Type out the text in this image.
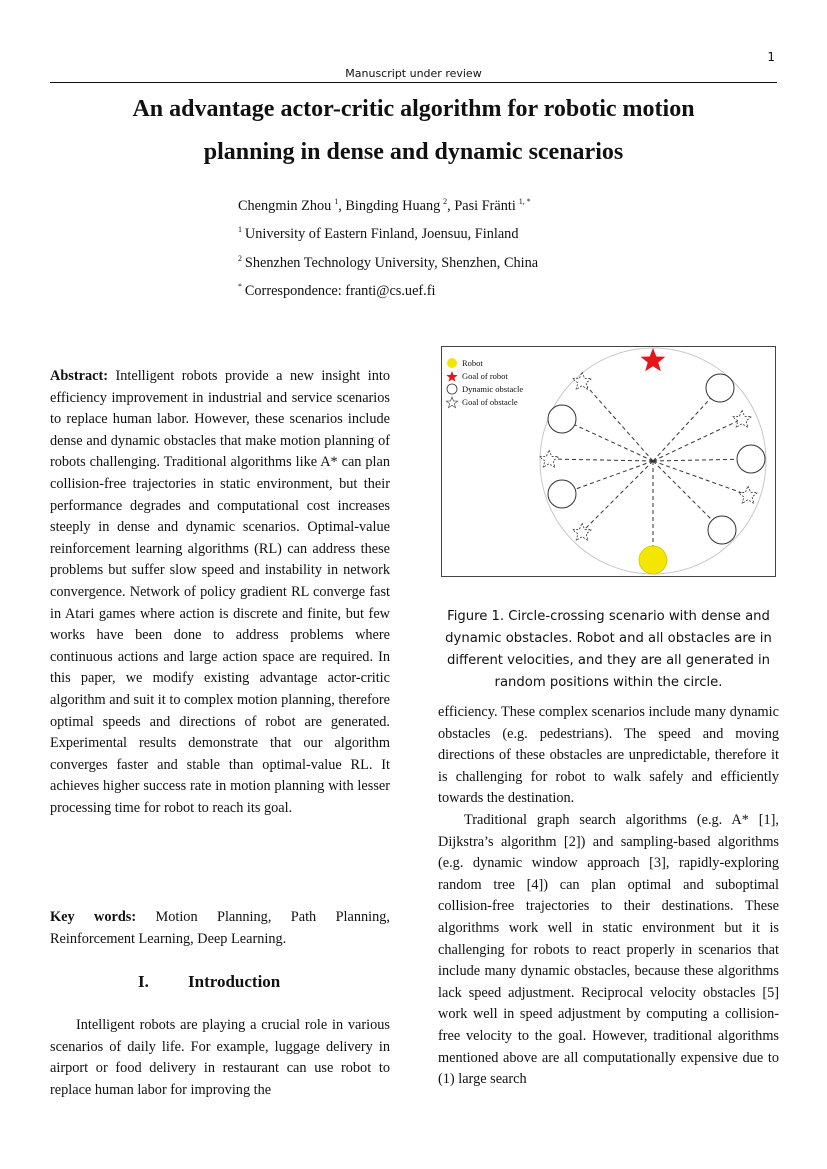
1
Manuscript under review
An advantage actor-critic algorithm for robotic motion
planning in dense and dynamic scenarios
Chengmin Zhou  $^1$, Bingding Huang  $^2$, Pasi Fränti  $^{1, *}$
$^1$  University of Eastern Finland, Joensuu, Finland
$^2$  Shenzhen Technology University, Shenzhen, China
*  Correspondence: franti@cs.uef.fi

Abstract: Intelligent robots provide a new insight into efficiency improvement in industrial and service scenarios to replace human labor. However, these scenarios include dense and dynamic obstacles that make motion planning of robots challenging. Traditional algorithms like A* can plan collision-free trajectories in static environment, but their performance degrades and computational cost increases steeply in dense and dynamic scenarios. Optimal-value reinforcement learning algorithms (RL) can address these problems but suffer slow speed and instability in network convergence. Network of policy gradient RL converge fast in Atari games where action is discrete and finite, but few works have been done to address problems where continuous actions and large action space are required. In this paper, we modify existing advantage actor-critic algorithm and suit it to complex motion planning, therefore optimal speeds and directions of robot are generated. Experimental results demonstrate that our algorithm converges faster and stable than optimal-value RL. It achieves higher success rate in motion planning with lesser processing time for robot to reach its goal.

Key words: Motion Planning, Path Planning, Reinforcement Learning, Deep Learning.

I. Introduction

Intelligent robots are playing a crucial role in various scenarios of daily life. For example, luggage delivery in airport or food delivery in restaurant can use robot to replace human labor for improving the

Robot
Goal of robot
Dynamic obstacle
Goal of obstacle
Figure 1. Circle-crossing scenario with dense and
dynamic obstacles. Robot and all obstacles are in
different velocities, and they are all generated in
random positions within the circle.

efficiency. These complex scenarios include many dynamic obstacles (e.g. pedestrians). The speed and moving directions of these obstacles are unpredictable, therefore it is challenging for robot to walk safely and efficiently towards the destination.

Traditional graph search algorithms (e.g. A* [1], Dijkstra’s algorithm [2]) and sampling-based algorithms (e.g. dynamic window approach [3], rapidly-exploring random tree [4]) can plan optimal and suboptimal collision-free trajectories to their destinations. These algorithms work well in static environment but it is challenging for robots to react properly in scenarios that include many dynamic obstacles, because these algorithms lack speed adjustment. Reciprocal velocity obstacles [5] work well in speed adjustment by computing a collision-free velocity to the goal. However, traditional algorithms mentioned above are all computationally expensive due to (1) large search
